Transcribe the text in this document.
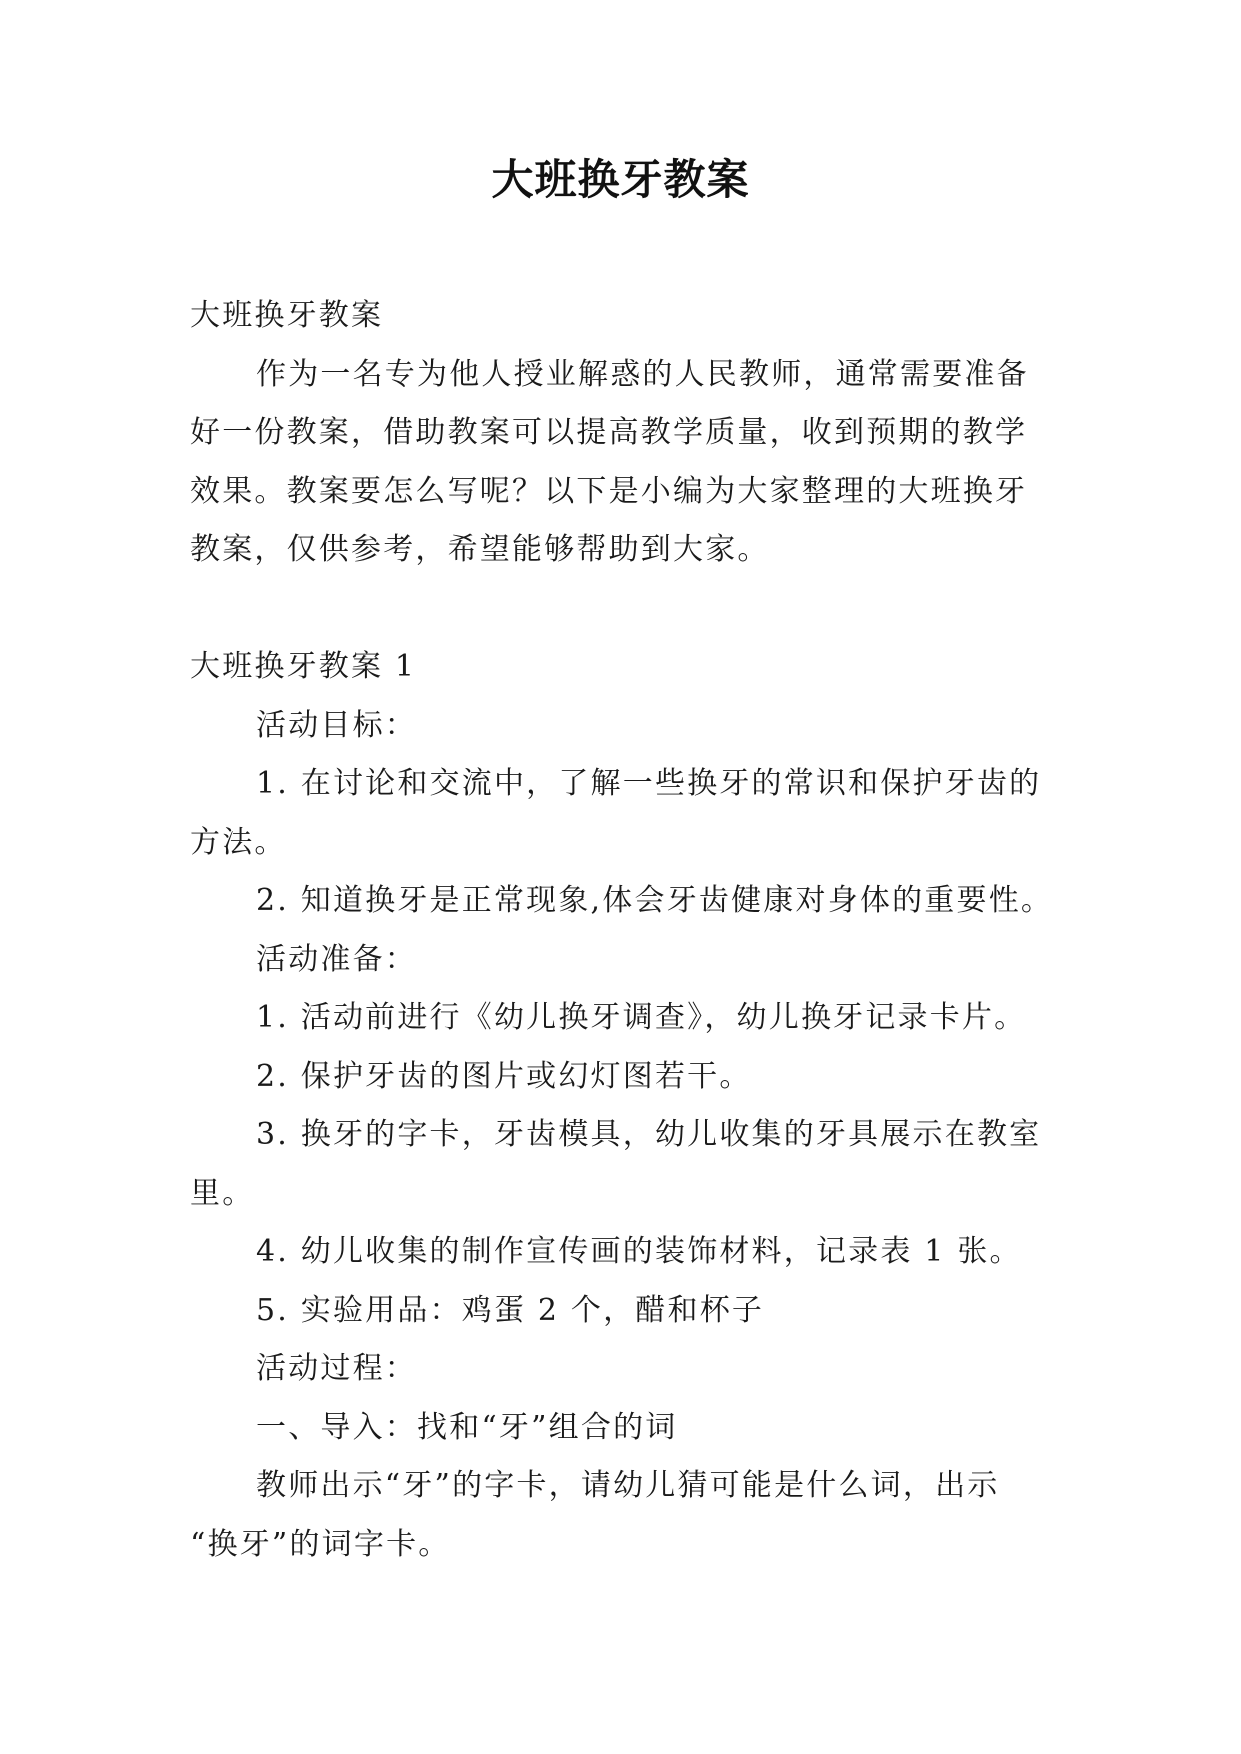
大班换牙教案

大班换牙教案

作为一名专为他人授业解惑的人民教师，通常需要准备

好一份教案，借助教案可以提高教学质量，收到预期的教学

效果。教案要怎么写呢？以下是小编为大家整理的大班换牙

教案，仅供参考，希望能够帮助到大家。

大班换牙教案 1

活动目标：

1. 在讨论和交流中，了解一些换牙的常识和保护牙齿的

方法。

2. 知道换牙是正常现象,体会牙齿健康对身体的重要性。

活动准备：

1. 活动前进行《幼儿换牙调查》，幼儿换牙记录卡片。

2. 保护牙齿的图片或幻灯图若干。

3. 换牙的字卡，牙齿模具，幼儿收集的牙具展示在教室

里。

4. 幼儿收集的制作宣传画的装饰材料，记录表 1 张。

5. 实验用品：鸡蛋 2 个，醋和杯子

活动过程：

一、导入：找和“牙”组合的词

教师出示“牙”的字卡，请幼儿猜可能是什么词，出示

“换牙”的词字卡。
